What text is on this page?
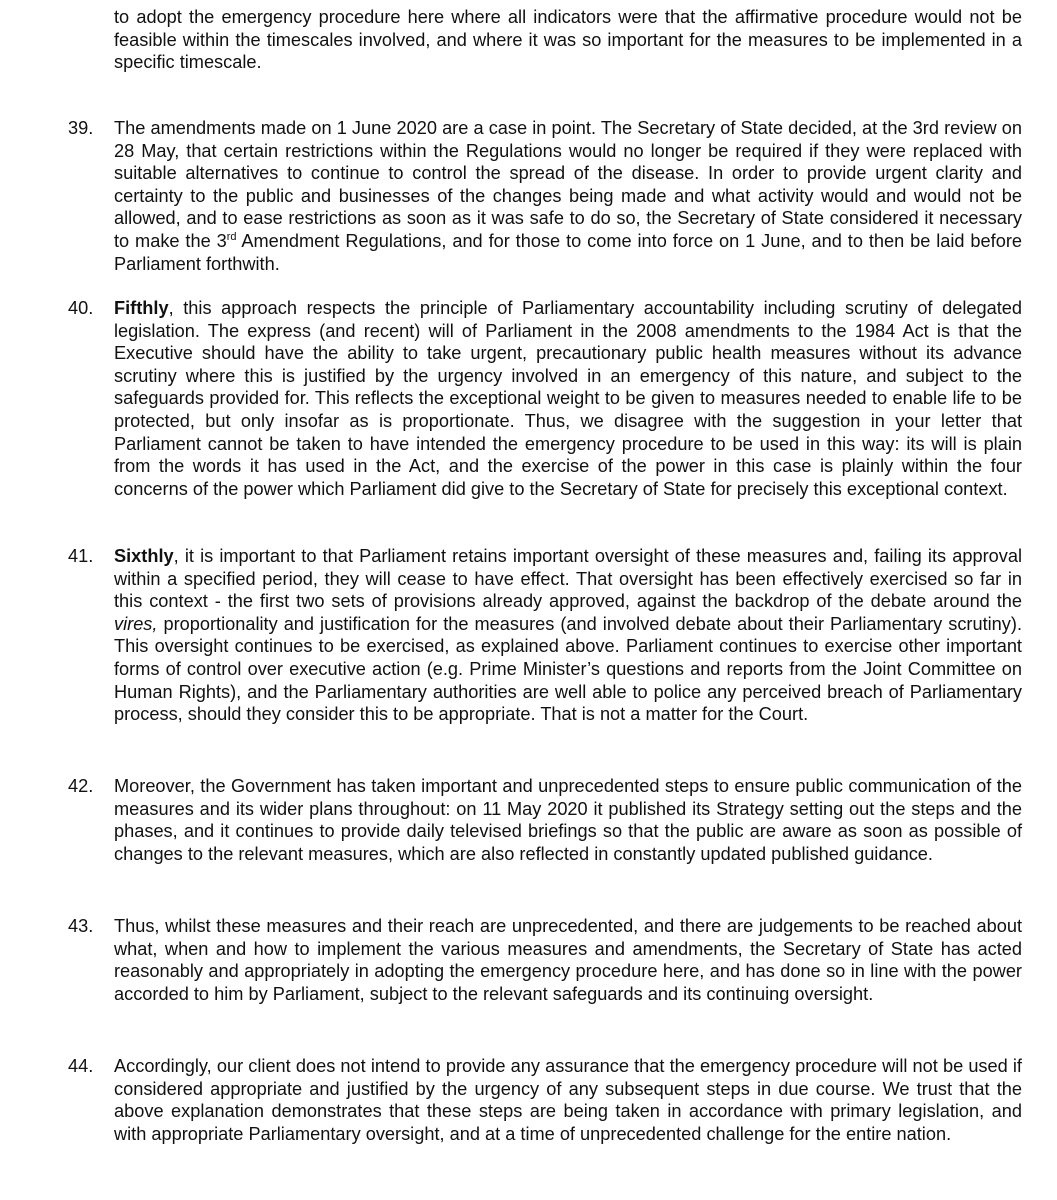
to adopt the emergency procedure here where all indicators were that the affirmative procedure would not be feasible within the timescales involved, and where it was so important for the measures to be implemented in a specific timescale.

39.	The amendments made on 1 June 2020 are a case in point. The Secretary of State decided, at the 3rd review on 28 May, that certain restrictions within the Regulations would no longer be required if they were replaced with suitable alternatives to continue to control the spread of the disease. In order to provide urgent clarity and certainty to the public and businesses of the changes being made and what activity would and would not be allowed, and to ease restrictions as soon as it was safe to do so, the Secretary of State considered it necessary to make the 3rd Amendment Regulations, and for those to come into force on 1 June, and to then be laid before Parliament forthwith.

40.	Fifthly, this approach respects the principle of Parliamentary accountability including scrutiny of delegated legislation. The express (and recent) will of Parliament in the 2008 amendments to the 1984 Act is that the Executive should have the ability to take urgent, precautionary public health measures without its advance scrutiny where this is justified by the urgency involved in an emergency of this nature, and subject to the safeguards provided for. This reflects the exceptional weight to be given to measures needed to enable life to be protected, but only insofar as is proportionate. Thus, we disagree with the suggestion in your letter that Parliament cannot be taken to have intended the emergency procedure to be used in this way: its will is plain from the words it has used in the Act, and the exercise of the power in this case is plainly within the four concerns of the power which Parliament did give to the Secretary of State for precisely this exceptional context.

41.	Sixthly, it is important to that Parliament retains important oversight of these measures and, failing its approval within a specified period, they will cease to have effect. That oversight has been effectively exercised so far in this context - the first two sets of provisions already approved, against the backdrop of the debate around the vires, proportionality and justification for the measures (and involved debate about their Parliamentary scrutiny). This oversight continues to be exercised, as explained above. Parliament continues to exercise other important forms of control over executive action (e.g. Prime Minister’s questions and reports from the Joint Committee on Human Rights), and the Parliamentary authorities are well able to police any perceived breach of Parliamentary process, should they consider this to be appropriate. That is not a matter for the Court.

42.	Moreover, the Government has taken important and unprecedented steps to ensure public communication of the measures and its wider plans throughout: on 11 May 2020 it published its Strategy setting out the steps and the phases, and it continues to provide daily televised briefings so that the public are aware as soon as possible of changes to the relevant measures, which are also reflected in constantly updated published guidance.

43.	Thus, whilst these measures and their reach are unprecedented, and there are judgements to be reached about what, when and how to implement the various measures and amendments, the Secretary of State has acted reasonably and appropriately in adopting the emergency procedure here, and has done so in line with the power accorded to him by Parliament, subject to the relevant safeguards and its continuing oversight.

44.	Accordingly, our client does not intend to provide any assurance that the emergency procedure will not be used if considered appropriate and justified by the urgency of any subsequent steps in due course. We trust that the above explanation demonstrates that these steps are being taken in accordance with primary legislation, and with appropriate Parliamentary oversight, and at a time of unprecedented challenge for the entire nation.
